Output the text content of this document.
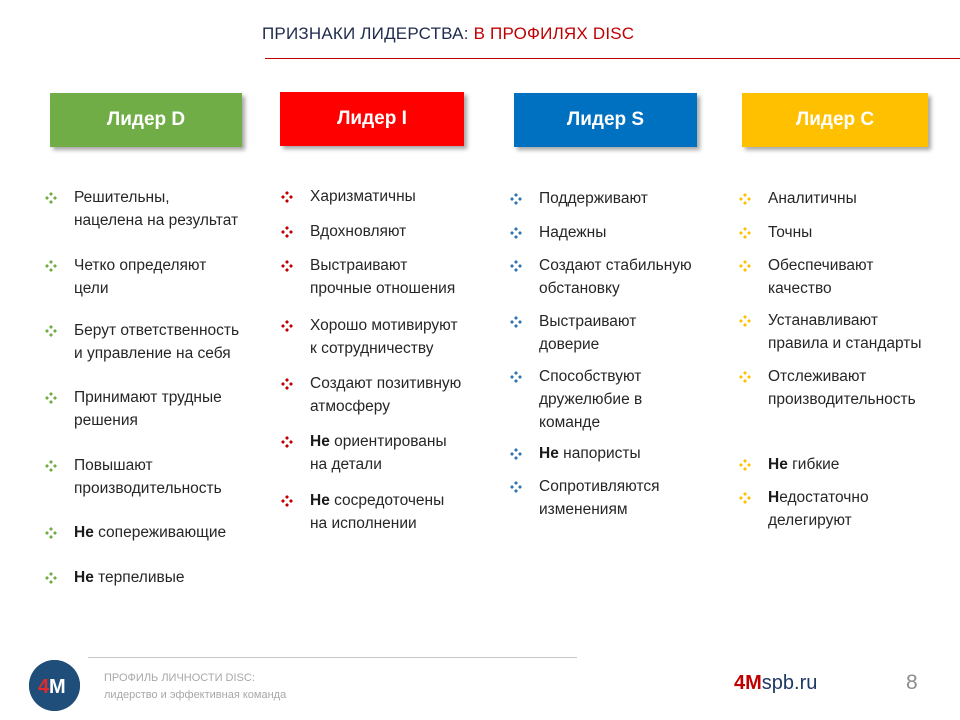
ПРИЗНАКИ ЛИДЕРСТВА: В ПРОФИЛЯХ DISC
Лидер D	Лидер I	Лидер S	Лидер C
Решительны,
нацелена на результат
Четко определяют
цели
Берут ответственность
и управление на себя
Принимают трудные
решения
Повышают
производительность
Не сопереживающие
Не терпеливые
Харизматичны
Вдохновляют
Выстраивают
прочные отношения
Хорошо мотивируют
к сотрудничеству
Создают позитивную
атмосферу
Не ориентированы
на детали
Не сосредоточены
на исполнении
Поддерживают
Надежны
Создают стабильную
обстановку
Выстраивают
доверие
Способствуют
дружелюбие в
команде
Не напористы
Сопротивляются
изменениям
Аналитичны
Точны
Обеспечивают
качество
Устанавливают
правила и стандарты
Отслеживают
производительность
Не гибкие
Недостаточно
делегируют
4 M	ПРОФИЛЬ ЛИЧНОСТИ DISC:
лидерство и эффективная команда
4Mspb.ru	8
